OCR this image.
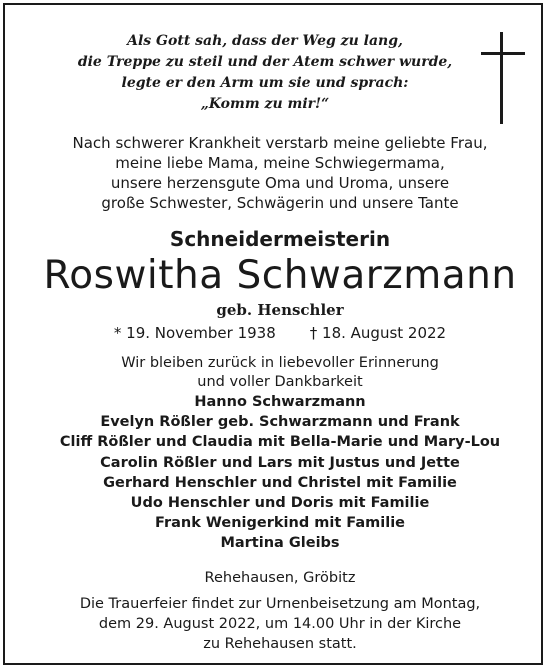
Als Gott sah, dass der Weg zu lang,
die Treppe zu steil und der Atem schwer wurde,
legte er den Arm um sie und sprach:
„Komm zu mir!“
Nach schwerer Krankheit verstarb meine geliebte Frau,
meine liebe Mama, meine Schwiegermama,
unsere herzensgute Oma und Uroma, unsere
große Schwester, Schwägerin und unsere Tante
Schneidermeisterin
Roswitha Schwarzmann
geb. Henschler
* 19. November 1938 † 18. August 2022
Wir bleiben zurück in liebevoller Erinnerung
und voller Dankbarkeit
Hanno Schwarzmann
Evelyn Rößler geb. Schwarzmann und Frank
Cliff Rößler und Claudia mit Bella-Marie und Mary-Lou
Carolin Rößler und Lars mit Justus und Jette
Gerhard Henschler und Christel mit Familie
Udo Henschler und Doris mit Familie
Frank Wenigerkind mit Familie
Martina Gleibs
Rehehausen, Gröbitz
Die Trauerfeier findet zur Urnenbeisetzung am Montag,
dem 29. August 2022, um 14.00 Uhr in der Kirche
zu Rehehausen statt.
